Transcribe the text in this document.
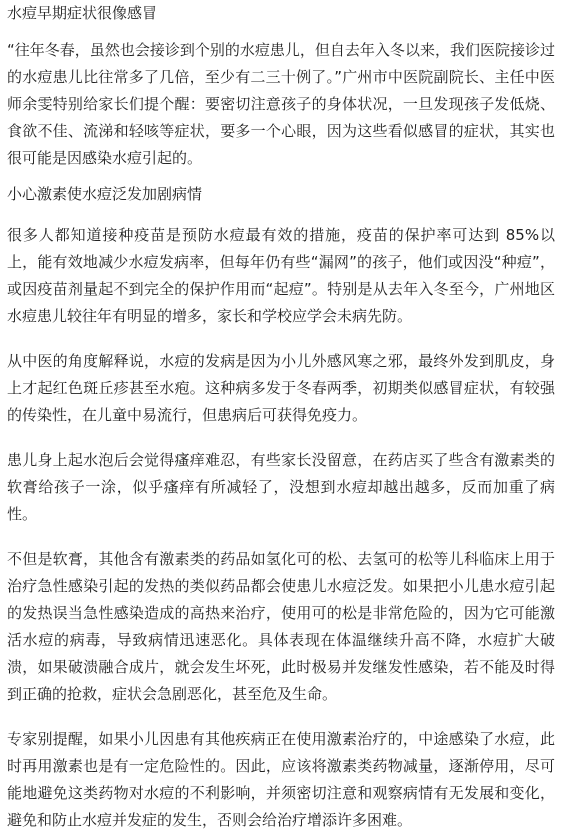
水痘早期症状很像感冒

“往年冬春，虽然也会接诊到个别的水痘患儿，但自去年入冬以来，我们医院接诊过的水痘患儿比往常多了几倍，至少有二三十例了。”广州市中医院副院长、主任中医师余雯特别给家长们提个醒：要密切注意孩子的身体状况，一旦发现孩子发低烧、食欲不佳、流涕和轻咳等症状，要多一个心眼，因为这些看似感冒的症状，其实也很可能是因感染水痘引起的。

小心激素使水痘泛发加剧病情

很多人都知道接种疫苗是预防水痘最有效的措施，疫苗的保护率可达到 85%以上，能有效地减少水痘发病率，但每年仍有些“漏网”的孩子，他们或因没“种痘”，或因疫苗剂量起不到完全的保护作用而“起痘”。特别是从去年入冬至今，广州地区水痘患儿较往年有明显的增多，家长和学校应学会未病先防。

从中医的角度解释说，水痘的发病是因为小儿外感风寒之邪，最终外发到肌皮，身上才起红色斑丘疹甚至水疱。这种病多发于冬春两季，初期类似感冒症状，有较强的传染性，在儿童中易流行，但患病后可获得免疫力。

患儿身上起水泡后会觉得瘙痒难忍，有些家长没留意，在药店买了些含有激素类的软膏给孩子一涂，似乎瘙痒有所减轻了，没想到水痘却越出越多，反而加重了病性。

不但是软膏，其他含有激素类的药品如氢化可的松、去氢可的松等儿科临床上用于治疗急性感染引起的发热的类似药品都会使患儿水痘泛发。如果把小儿患水痘引起的发热误当急性感染造成的高热来治疗，使用可的松是非常危险的，因为它可能激活水痘的病毒，导致病情迅速恶化。具体表现在体温继续升高不降，水痘扩大破溃，如果破溃融合成片，就会发生坏死，此时极易并发继发性感染，若不能及时得到正确的抢救，症状会急剧恶化，甚至危及生命。

专家别提醒，如果小儿因患有其他疾病正在使用激素治疗的，中途感染了水痘，此时再用激素也是有一定危险性的。因此，应该将激素类药物减量，逐渐停用，尽可能地避免这类药物对水痘的不利影响，并须密切注意和观察病情有无发展和变化，避免和防止水痘并发症的发生，否则会给治疗增添许多困难。
